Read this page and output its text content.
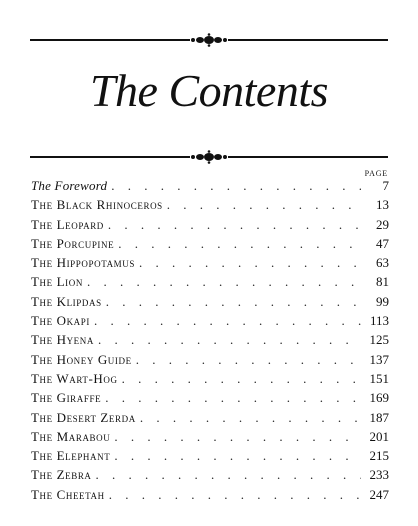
The Contents
PAGE
The Foreword . . .	7
The Black Rhinoceros . . .	13
The Leopard . . .	29
The Porcupine . . .	47
The Hippopotamus . . .	63
The Lion . . .	81
The Klipdas . . .	99
The Okapi . . .	113
The Hyena . . .	125
The Honey Guide . . .	137
The Wart-Hog . . .	151
The Giraffe . . .	169
The Desert Zerda . . .	187
The Marabou . . .	201
The Elephant . . .	215
The Zebra . . .	233
The Cheetah . . .	247
